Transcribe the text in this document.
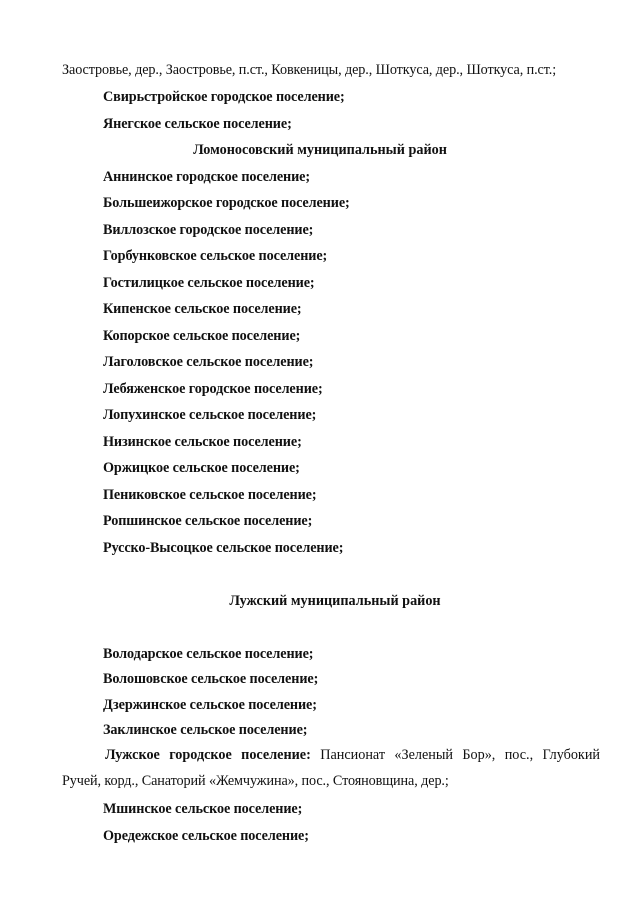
Заостровье, дер., Заостровье, п.ст., Ковкеницы, дер., Шоткуса, дер., Шоткуса, п.ст.;
Свирьстройское городское поселение;
Янегское сельское поселение;
Ломоносовский муниципальный район
Аннинское городское поселение;
Большеижорское городское поселение;
Виллозское городское поселение;
Горбунковское сельское поселение;
Гостилицкое сельское поселение;
Кипенское сельское поселение;
Копорское сельское поселение;
Лаголовское сельское поселение;
Лебяженское городское поселение;
Лопухинское сельское поселение;
Низинское сельское поселение;
Оржицкое сельское поселение;
Пениковское сельское поселение;
Ропшинское сельское поселение;
Русско-Высоцкое сельское поселение;
Лужский муниципальный район
Володарское сельское поселение;
Волошовское сельское поселение;
Дзержинское сельское поселение;
Заклинское сельское поселение;
Лужское городское поселение: Пансионат «Зеленый Бор», пос., Глубокий
Ручей, корд., Санаторий «Жемчужина», пос., Стояновщина, дер.;
Мшинское сельское поселение;
Оредежское сельское поселение;
